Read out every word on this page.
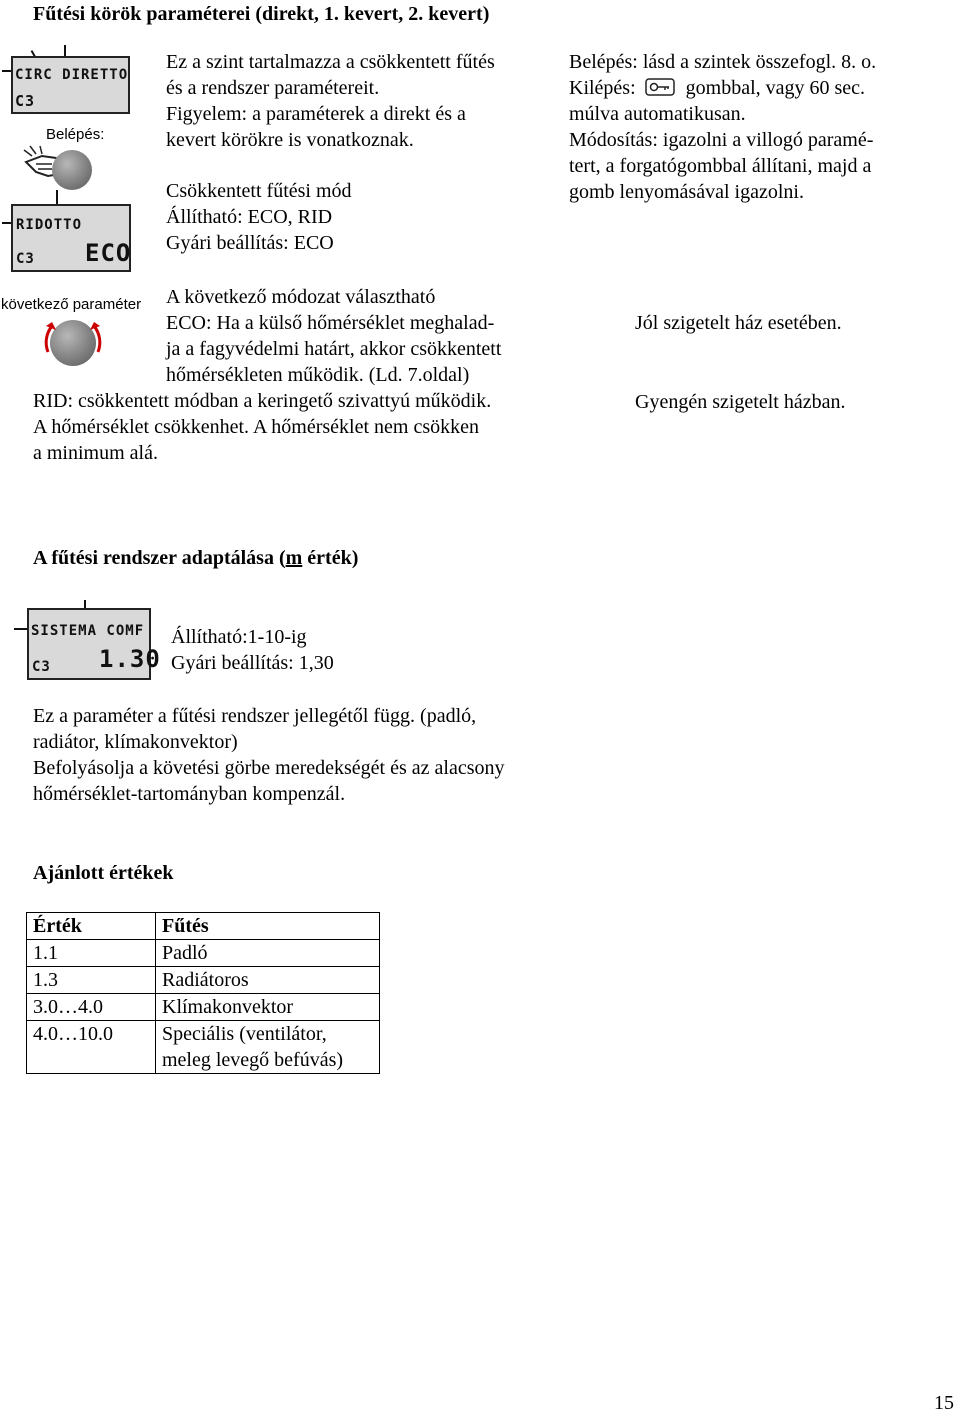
Fűtési körök paraméterei (direkt, 1. kevert, 2. kevert)
CIRC DIRETTO
C3
Belépés:
RIDOTTO
C3 ECO
Ez a szint tartalmazza a csökkentett fűtés
és a rendszer paramétereit.
Figyelem: a paraméterek a direkt és a
kevert körökre is vonatkoznak.
Csökkentett fűtési mód
Állítható: ECO, RID
Gyári beállítás: ECO
Belépés: lásd a szintek összefogl. 8. o.
Kilépés:	gombbal, vagy 60 sec.
múlva automatikusan.
Módosítás: igazolni a villogó paramé-
tert, a forgatógombbal állítani, majd a
gomb lenyomásával igazolni.
következő paraméter A következő módozat választható
ECO: Ha a külső hőmérséklet meghalad-
ja a fagyvédelmi határt, akkor csökkentett
hőmérsékleten működik. (Ld. 7.oldal)
RID: csökkentett módban a keringető szivattyú működik.
A hőmérséklet csökkenhet. A hőmérséklet nem csökken
a minimum alá.
Jól szigetelt ház esetében.
Gyengén szigetelt házban.
A fűtési rendszer adaptálása (m érték)
SISTEMA COMF
C3 1.30
Állítható:1-10-ig
Gyári beállítás: 1,30
Ez a paraméter a fűtési rendszer jellegétől függ. (padló,
radiátor, klímakonvektor)
Befolyásolja a követési görbe meredekségét és az alacsony
hőmérséklet-tartományban kompenzál.
Ajánlott értékek
Érték	Fűtés
1.1	Padló
1.3	Radiátoros
3.0…4.0	Klímakonvektor
4.0…10.0	Speciális (ventilátor,
meleg levegő befúvás)
15
